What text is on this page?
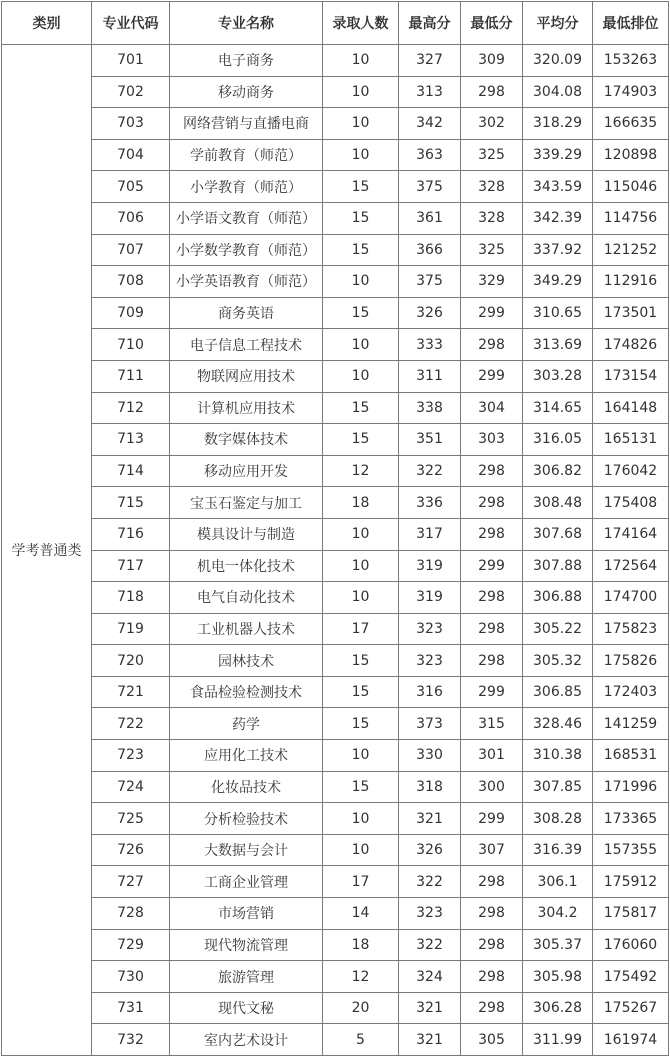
类别	专业代码	专业名称	录取人数	最高分	最低分	平均分	最低排位
学考普通类	701	电子商务	10	327	309	320.09	153263
	702	移动商务	10	313	298	304.08	174903
	703	网络营销与直播电商	10	342	302	318.29	166635
	704	学前教育（师范）	10	363	325	339.29	120898
	705	小学教育（师范）	15	375	328	343.59	115046
	706	小学语文教育（师范）	15	361	328	342.39	114756
	707	小学数学教育（师范）	15	366	325	337.92	121252
	708	小学英语教育（师范）	10	375	329	349.29	112916
	709	商务英语	15	326	299	310.65	173501
	710	电子信息工程技术	10	333	298	313.69	174826
	711	物联网应用技术	10	311	299	303.28	173154
	712	计算机应用技术	15	338	304	314.65	164148
	713	数字媒体技术	15	351	303	316.05	165131
	714	移动应用开发	12	322	298	306.82	176042
	715	宝玉石鉴定与加工	18	336	298	308.48	175408
	716	模具设计与制造	10	317	298	307.68	174164
	717	机电一体化技术	10	319	299	307.88	172564
	718	电气自动化技术	10	319	298	306.88	174700
	719	工业机器人技术	17	323	298	305.22	175823
	720	园林技术	15	323	298	305.32	175826
	721	食品检验检测技术	15	316	299	306.85	172403
	722	药学	15	373	315	328.46	141259
	723	应用化工技术	10	330	301	310.38	168531
	724	化妆品技术	15	318	300	307.85	171996
	725	分析检验技术	10	321	299	308.28	173365
	726	大数据与会计	10	326	307	316.39	157355
	727	工商企业管理	17	322	298	306.1	175912
	728	市场营销	14	323	298	304.2	175817
	729	现代物流管理	18	322	298	305.37	176060
	730	旅游管理	12	324	298	305.98	175492
	731	现代文秘	20	321	298	306.28	175267
	732	室内艺术设计	5	321	305	311.99	161974
